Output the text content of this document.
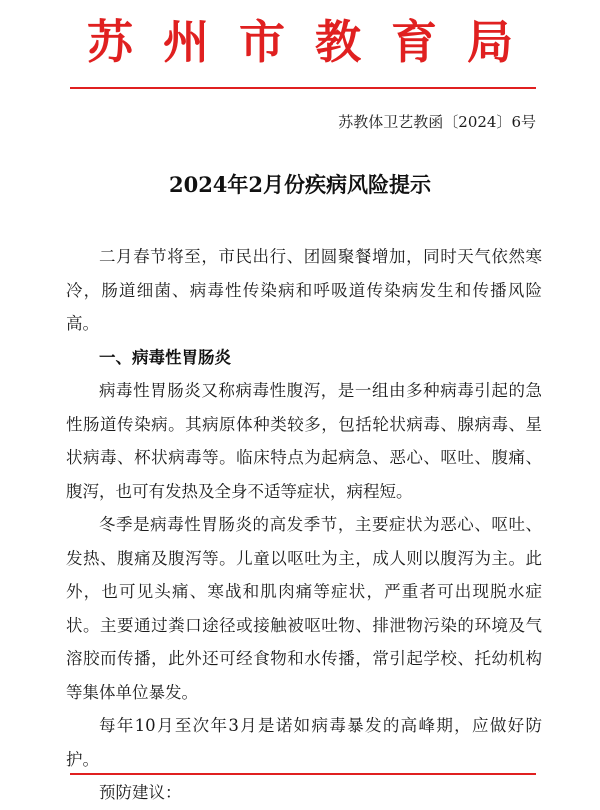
苏州市教育局
苏教体卫艺教函〔2024〕6号
2024年2月份疾病风险提示

二月春节将至，市民出行、团圆聚餐增加，同时天气依然寒冷，肠道细菌、病毒性传染病和呼吸道传染病发生和传播风险高。

一、病毒性胃肠炎

病毒性胃肠炎又称病毒性腹泻，是一组由多种病毒引起的急性肠道传染病。其病原体种类较多，包括轮状病毒、腺病毒、星状病毒、杯状病毒等。临床特点为起病急、恶心、呕吐、腹痛、腹泻，也可有发热及全身不适等症状，病程短。

冬季是病毒性胃肠炎的高发季节，主要症状为恶心、呕吐、发热、腹痛及腹泻等。儿童以呕吐为主，成人则以腹泻为主。此外，也可见头痛、寒战和肌肉痛等症状，严重者可出现脱水症状。主要通过粪口途径或接触被呕吐物、排泄物污染的环境及气溶胶而传播，此外还可经食物和水传播，常引起学校、托幼机构等集体单位暴发。

每年10月至次年3月是诺如病毒暴发的高峰期，应做好防护。

预防建议：
